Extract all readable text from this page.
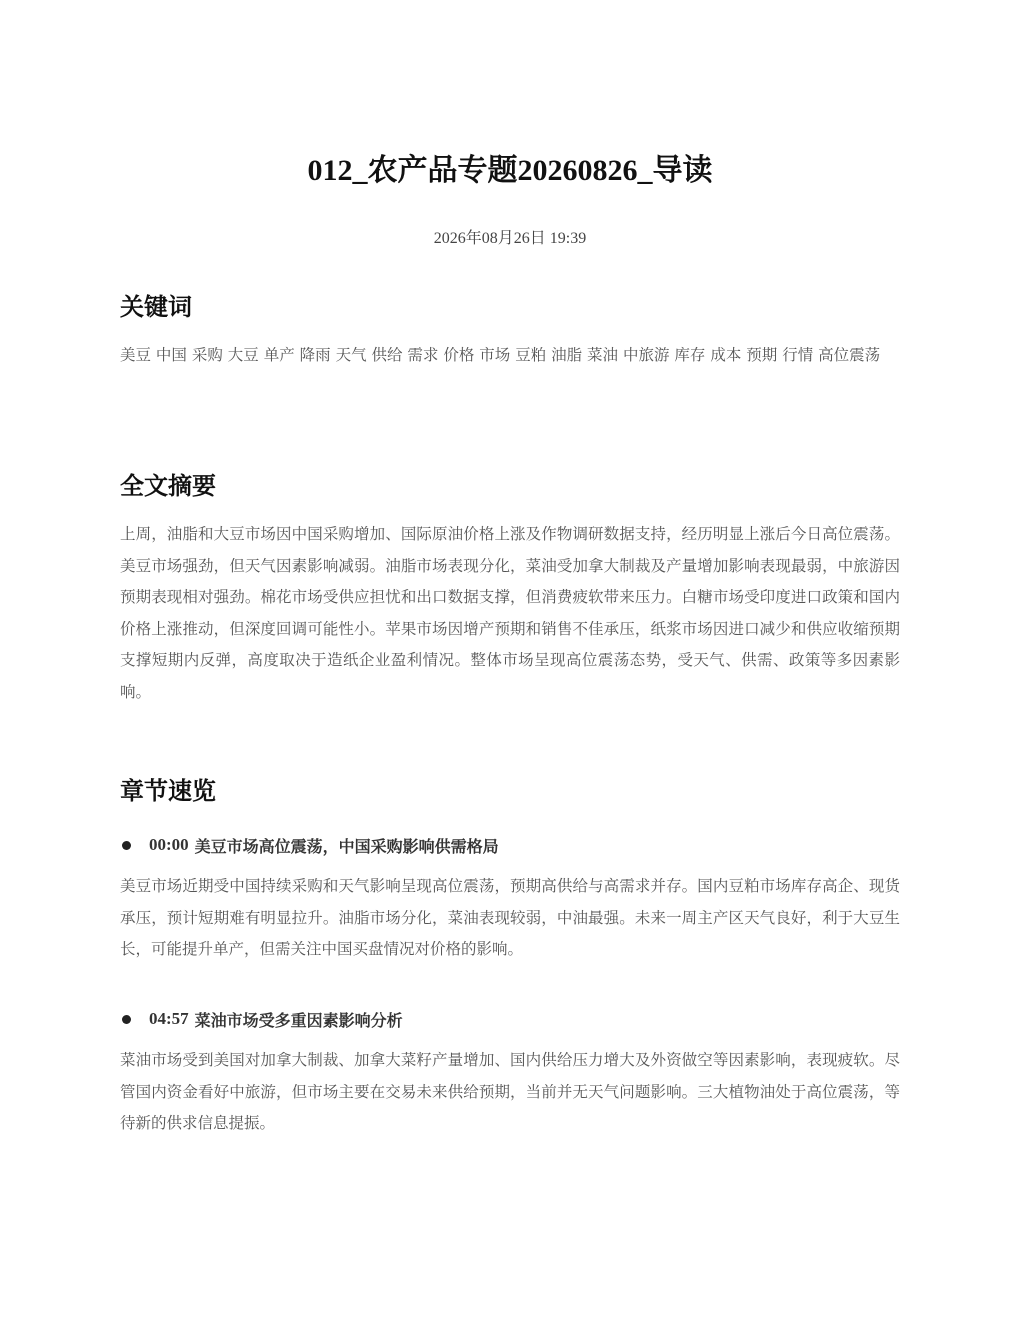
012_农产品专题20260826_导读
2026年08月26日 19:39
关键词

美豆 中国 采购 大豆 单产 降雨 天气 供给 需求 价格 市场 豆粕 油脂 菜油 中旅游 库存 成本 预期 行情 高位震荡

全文摘要

上周，油脂和大豆市场因中国采购增加、国际原油价格上涨及作物调研数据支持，经历明显上涨后今日高位震荡。美豆市场强劲，但天气因素影响减弱。油脂市场表现分化，菜油受加拿大制裁及产量增加影响表现最弱，中旅游因预期表现相对强劲。棉花市场受供应担忧和出口数据支撑，但消费疲软带来压力。白糖市场受印度进口政策和国内价格上涨推动，但深度回调可能性小。苹果市场因增产预期和销售不佳承压，纸浆市场因进口减少和供应收缩预期支撑短期内反弹，高度取决于造纸企业盈利情况。整体市场呈现高位震荡态势，受天气、供需、政策等多因素影响。

章节速览
00:00 美豆市场高位震荡，中国采购影响供需格局

美豆市场近期受中国持续采购和天气影响呈现高位震荡，预期高供给与高需求并存。国内豆粕市场库存高企、现货承压，预计短期难有明显拉升。油脂市场分化，菜油表现较弱，中油最强。未来一周主产区天气良好，利于大豆生长，可能提升单产，但需关注中国买盘情况对价格的影响。

04:57 菜油市场受多重因素影响分析

菜油市场受到美国对加拿大制裁、加拿大菜籽产量增加、国内供给压力增大及外资做空等因素影响，表现疲软。尽管国内资金看好中旅游，但市场主要在交易未来供给预期，当前并无天气问题影响。三大植物油处于高位震荡，等待新的供求信息提振。
